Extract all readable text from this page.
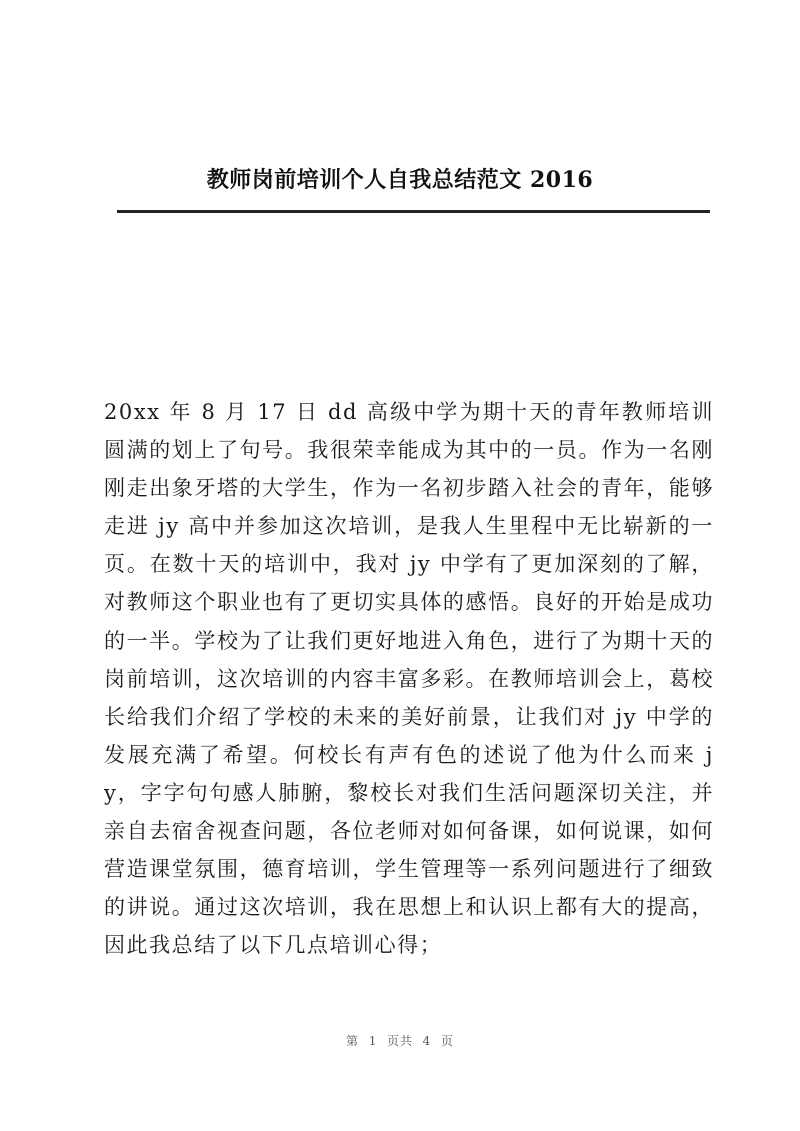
教师岗前培训个人自我总结范文 2016

20xx 年 8 月 17 日 dd 高级中学为期十天的青年教师培训圆满的划上了句号。我很荣幸能成为其中的一员。作为一名刚刚走出象牙塔的大学生，作为一名初步踏入社会的青年，能够走进 jy 高中并参加这次培训，是我人生里程中无比崭新的一页。在数十天的培训中，我对 jy 中学有了更加深刻的了解，对教师这个职业也有了更切实具体的感悟。良好的开始是成功的一半。学校为了让我们更好地进入角色，进行了为期十天的岗前培训，这次培训的内容丰富多彩。在教师培训会上，葛校长给我们介绍了学校的未来的美好前景，让我们对 jy 中学的发展充满了希望。何校长有声有色的述说了他为什么而来 jy，字字句句感人肺腑，黎校长对我们生活问题深切关注，并亲自去宿舍视查问题，各位老师对如何备课，如何说课，如何营造课堂氛围，德育培训，学生管理等一系列问题进行了细致的讲说。通过这次培训，我在思想上和认识上都有大的提高，因此我总结了以下几点培训心得；

第 1 页共 4 页
